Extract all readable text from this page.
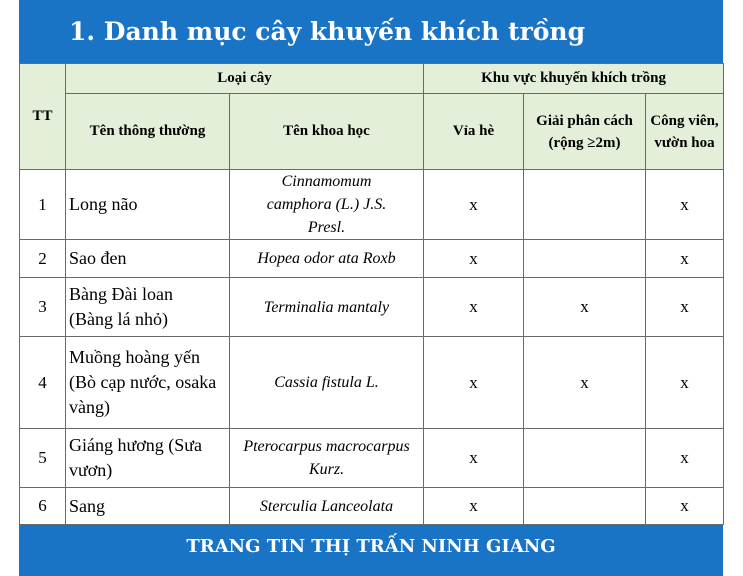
1. Danh mục cây khuyến khích trồng
TT	Loại cây		Khu vực khuyến khích trồng		
	Tên thông thường	Tên khoa học	Vỉa hè	Giải phân cách (rộng ≥2m)	Công viên, vườn hoa
1	Long não	Cinnamomum camphora (L.) J.S. Presl.	x		x
2	Sao đen	Hopea odor ata Roxb	x		x
3	Bàng Đài loan (Bàng lá nhỏ)	Terminalia mantaly	x	x	x
4	Muồng hoàng yến (Bò cạp nước, osaka vàng)	Cassia fistula L.	x	x	x
5	Giáng hương (Sưa vươn)	Pterocarpus macrocarpus Kurz.	x		x
6	Sang	Sterculia Lanceolata	x		x
TRANG TIN THỊ TRẤN NINH GIANG
